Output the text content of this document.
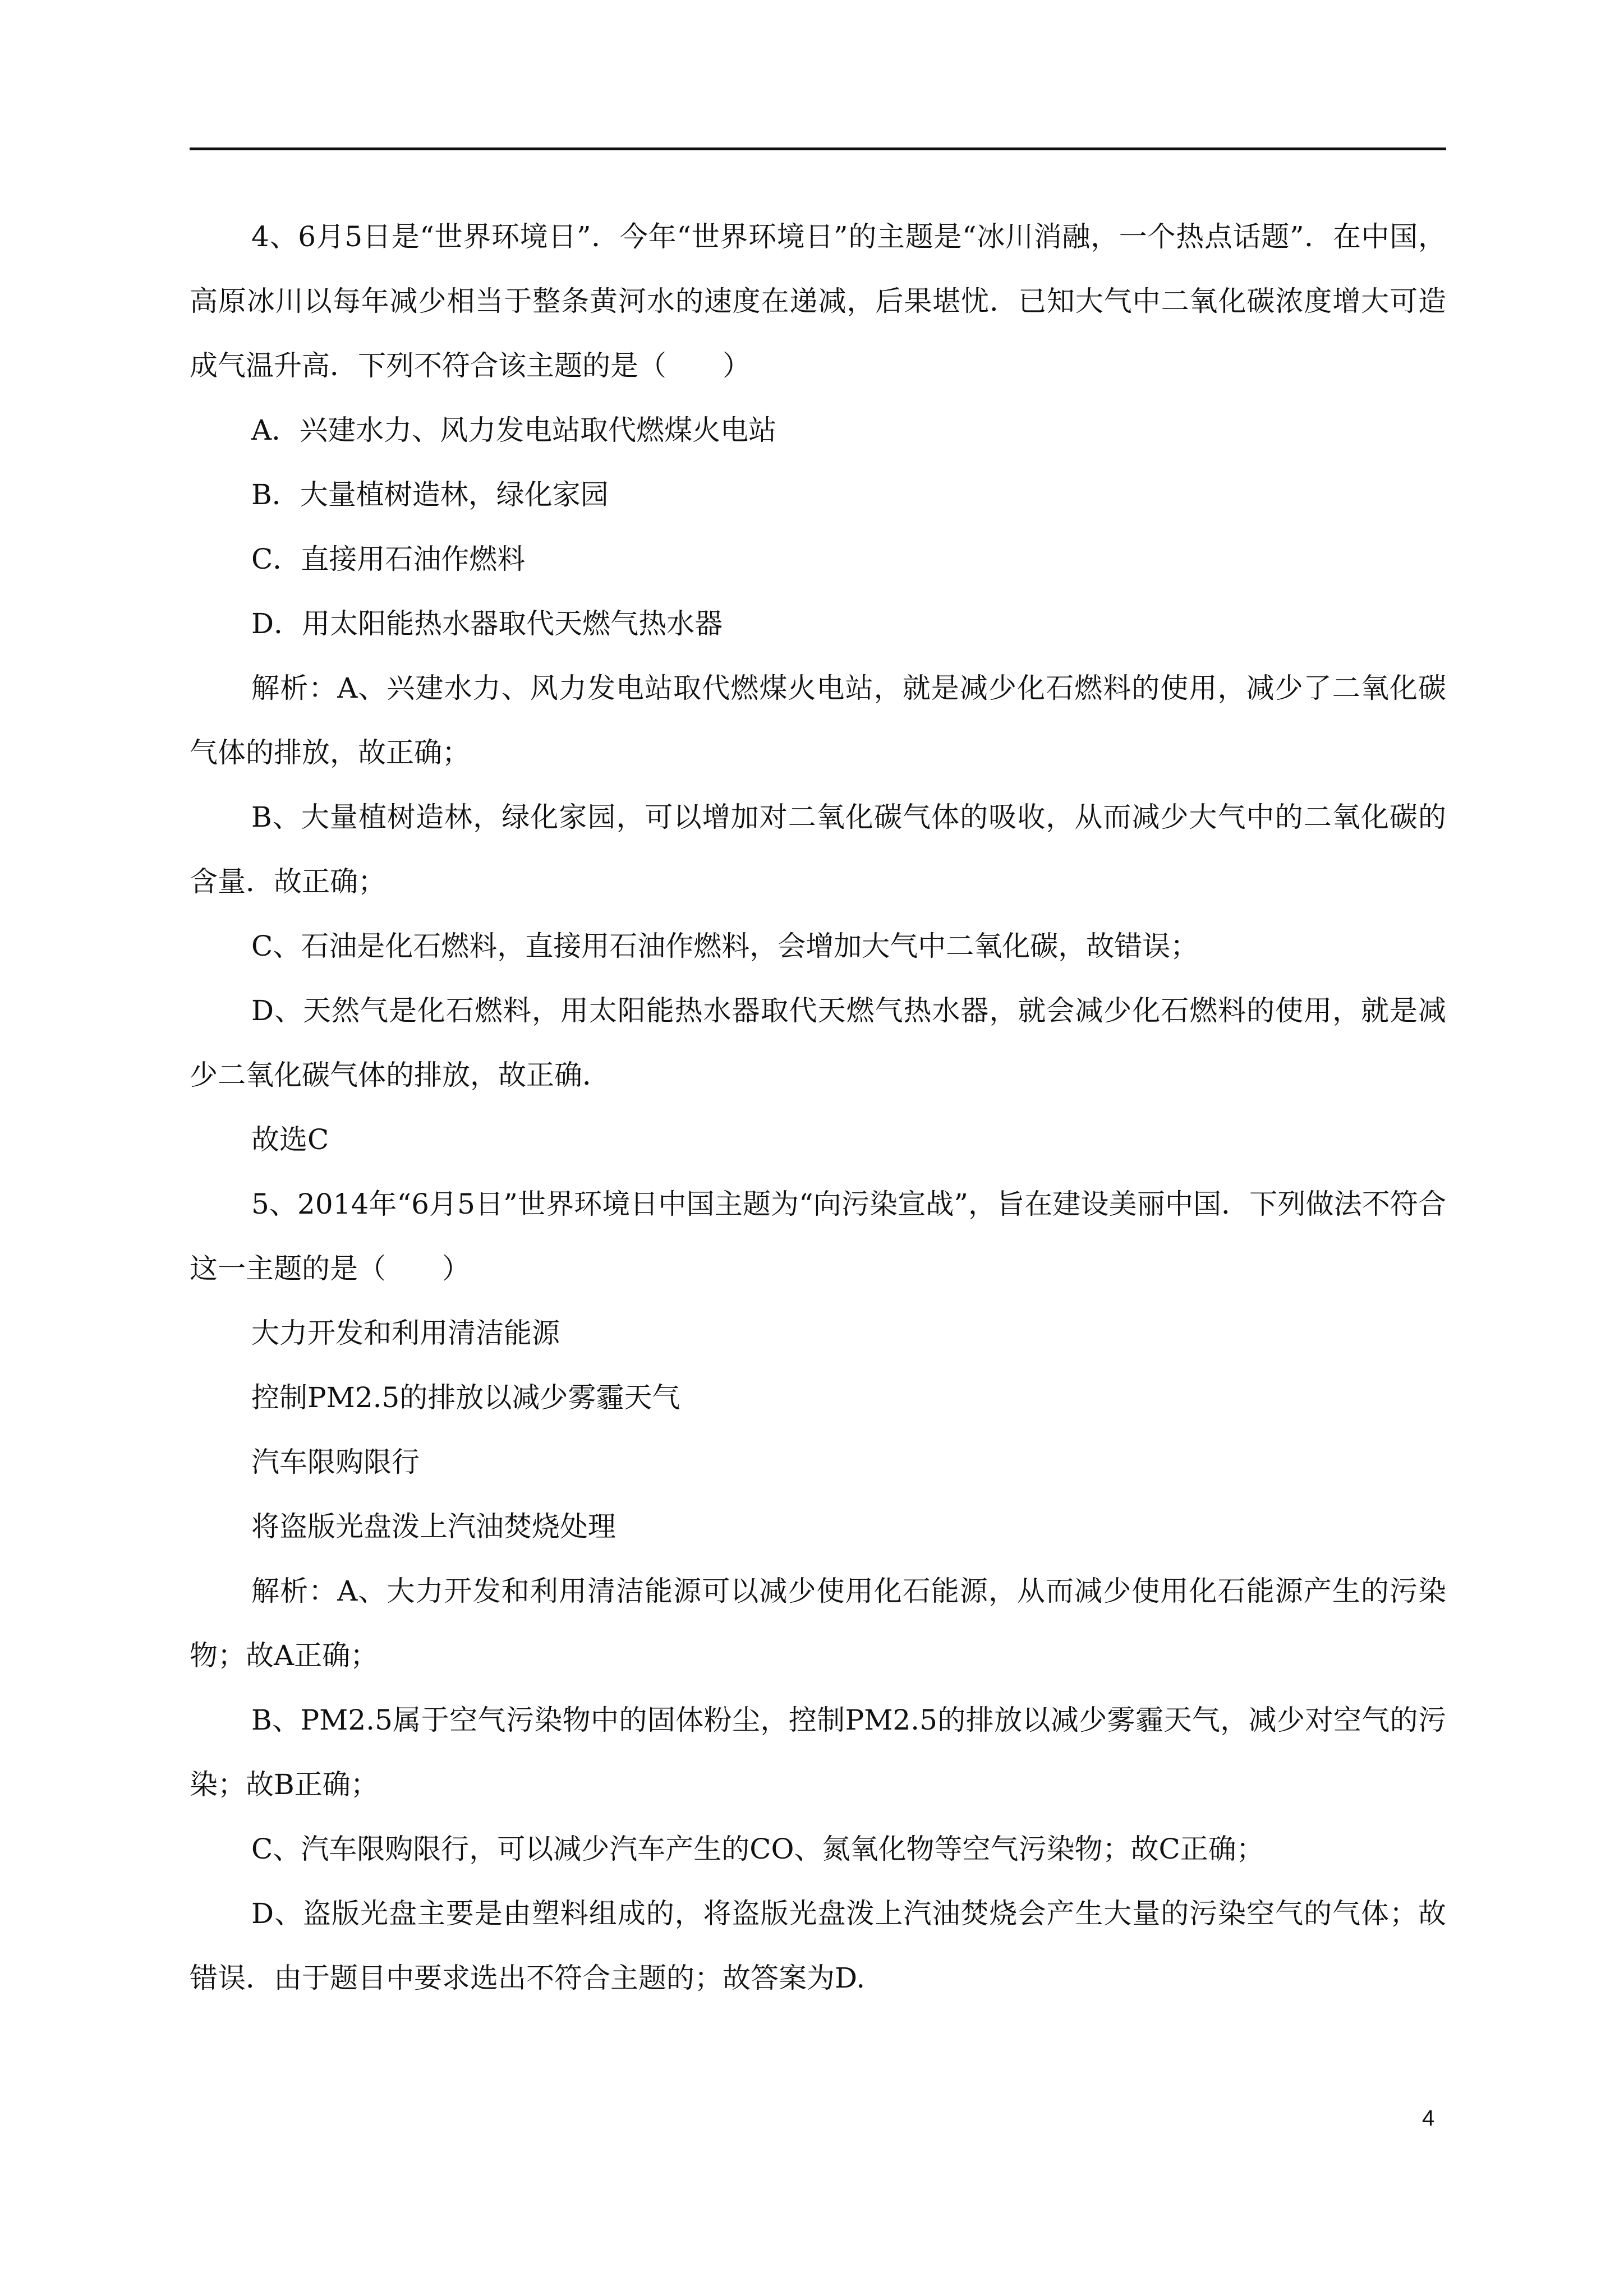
4、6月5日是“世界环境日”．今年“世界环境日”的主题是“冰川消融，一个热点话题”．在中国，高原冰川以每年减少相当于整条黄河水的速度在递减，后果堪忧．已知大气中二氧化碳浓度增大可造成气温升高．下列不符合该主题的是（　　）

A．兴建水力、风力发电站取代燃煤火电站

B．大量植树造林，绿化家园

C．直接用石油作燃料

D．用太阳能热水器取代天燃气热水器

解析：A、兴建水力、风力发电站取代燃煤火电站，就是减少化石燃料的使用，减少了二氧化碳气体的排放，故正确；

B、大量植树造林，绿化家园，可以增加对二氧化碳气体的吸收，从而减少大气中的二氧化碳的含量．故正确；

C、石油是化石燃料，直接用石油作燃料，会增加大气中二氧化碳，故错误；

D、天然气是化石燃料，用太阳能热水器取代天燃气热水器，就会减少化石燃料的使用，就是减少二氧化碳气体的排放，故正确．

故选C

5、2014年“6月5日”世界环境日中国主题为“向污染宣战”，旨在建设美丽中国．下列做法不符合这一主题的是（　　）

大力开发和利用清洁能源

控制PM2.5的排放以减少雾霾天气

汽车限购限行

将盗版光盘泼上汽油焚烧处理

解析：A、大力开发和利用清洁能源可以减少使用化石能源，从而减少使用化石能源产生的污染物；故A正确；

B、PM2.5属于空气污染物中的固体粉尘，控制PM2.5的排放以减少雾霾天气，减少对空气的污染；故B正确；

C、汽车限购限行，可以减少汽车产生的CO、氮氧化物等空气污染物；故C正确；

D、盗版光盘主要是由塑料组成的，将盗版光盘泼上汽油焚烧会产生大量的污染空气的气体；故错误．由于题目中要求选出不符合主题的；故答案为D.

4
